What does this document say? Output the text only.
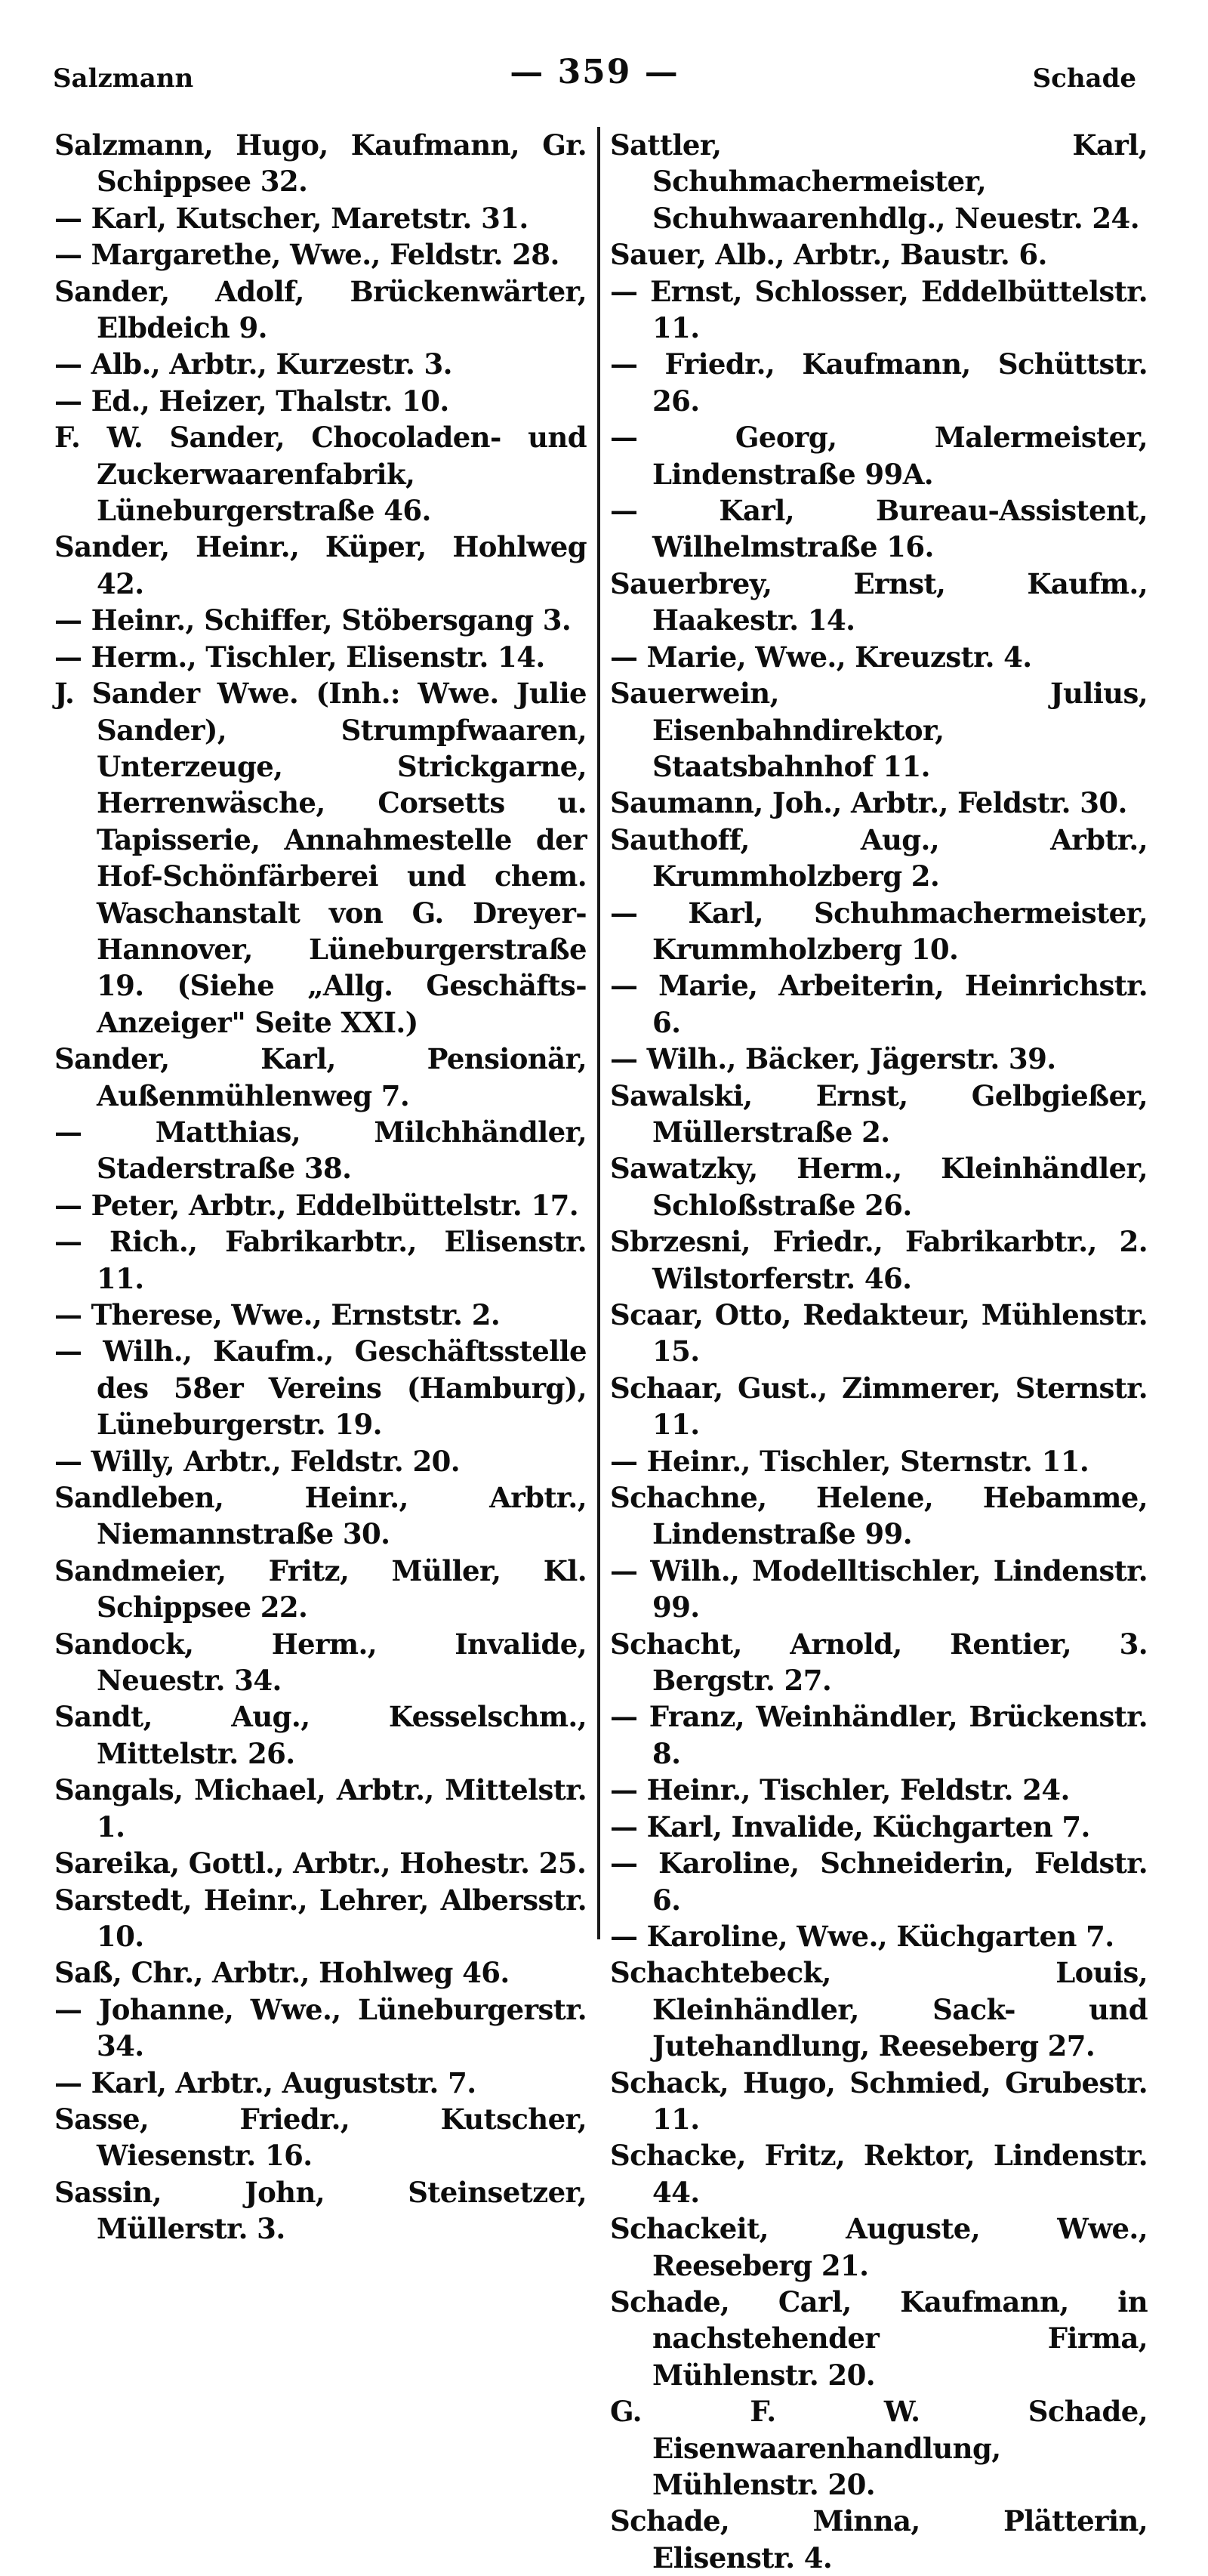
Salzmann	— 359 —	Schade

Salzmann, Hugo, Kaufmann, Gr. Schippsee 32.

— Karl, Kutscher, Maretstr. 31.

— Margarethe, Wwe., Feldstr. 28.

Sander, Adolf, Brückenwärter, Elbdeich 9.

— Alb., Arbtr., Kurzestr. 3.

— Ed., Heizer, Thalstr. 10.

F. W. Sander, Chocoladen- und Zuckerwaarenfabrik, Lüneburgerstraße 46.

Sander, Heinr., Küper, Hohlweg 42.

— Heinr., Schiffer, Stöbersgang 3.

— Herm., Tischler, Elisenstr. 14.

J. Sander Wwe. (Inh.: Wwe. Julie Sander), Strumpfwaaren, Unterzeuge, Strickgarne, Herrenwäsche, Corsetts u. Tapisserie, Annahmestelle der Hof-Schönfärberei und chem. Waschanstalt von G. Dreyer-Hannover, Lüneburgerstraße 19. (Siehe „Allg. Geschäfts-Anzeiger" Seite XXI.)

Sander, Karl, Pensionär, Außenmühlenweg 7.

— Matthias, Milchhändler, Staderstraße 38.

— Peter, Arbtr., Eddelbüttelstr. 17.

— Rich., Fabrikarbtr., Elisenstr. 11.

— Therese, Wwe., Ernststr. 2.

— Wilh., Kaufm., Geschäftsstelle des 58er Vereins (Hamburg), Lüneburgerstr. 19.

— Willy, Arbtr., Feldstr. 20.

Sandleben, Heinr., Arbtr., Niemannstraße 30.

Sandmeier, Fritz, Müller, Kl. Schippsee 22.

Sandock, Herm., Invalide, Neuestr. 34.

Sandt, Aug., Kesselschm., Mittelstr. 26.

Sangals, Michael, Arbtr., Mittelstr. 1.

Sareika, Gottl., Arbtr., Hohestr. 25.

Sarstedt, Heinr., Lehrer, Albersstr. 10.

Saß, Chr., Arbtr., Hohlweg 46.

— Johanne, Wwe., Lüneburgerstr. 34.

— Karl, Arbtr., Auguststr. 7.

Sasse, Friedr., Kutscher, Wiesenstr. 16.

Sassin, John, Steinsetzer, Müllerstr. 3.

Sattler, Karl, Schuhmachermeister, Schuhwaarenhdlg., Neuestr. 24.

Sauer, Alb., Arbtr., Baustr. 6.

— Ernst, Schlosser, Eddelbüttelstr. 11.

— Friedr., Kaufmann, Schüttstr. 26.

— Georg, Malermeister, Lindenstraße 99A.

— Karl, Bureau-Assistent, Wilhelmstraße 16.

Sauerbrey, Ernst, Kaufm., Haakestr. 14.

— Marie, Wwe., Kreuzstr. 4.

Sauerwein, Julius, Eisenbahndirektor, Staatsbahnhof 11.

Saumann, Joh., Arbtr., Feldstr. 30.

Sauthoff, Aug., Arbtr., Krummholzberg 2.

— Karl, Schuhmachermeister, Krummholzberg 10.

— Marie, Arbeiterin, Heinrichstr. 6.

— Wilh., Bäcker, Jägerstr. 39.

Sawalski, Ernst, Gelbgießer, Müllerstraße 2.

Sawatzky, Herm., Kleinhändler, Schloßstraße 26.

Sbrzesni, Friedr., Fabrikarbtr., 2. Wilstorferstr. 46.

Scaar, Otto, Redakteur, Mühlenstr. 15.

Schaar, Gust., Zimmerer, Sternstr. 11.

— Heinr., Tischler, Sternstr. 11.

Schachne, Helene, Hebamme, Lindenstraße 99.

— Wilh., Modelltischler, Lindenstr. 99.

Schacht, Arnold, Rentier, 3. Bergstr. 27.

— Franz, Weinhändler, Brückenstr. 8.

— Heinr., Tischler, Feldstr. 24.

— Karl, Invalide, Küchgarten 7.

— Karoline, Schneiderin, Feldstr. 6.

— Karoline, Wwe., Küchgarten 7.

Schachtebeck, Louis, Kleinhändler, Sack- und Jutehandlung, Reeseberg 27.

Schack, Hugo, Schmied, Grubestr. 11.

Schacke, Fritz, Rektor, Lindenstr. 44.

Schackeit, Auguste, Wwe., Reeseberg 21.

Schade, Carl, Kaufmann, in nachstehender Firma, Mühlenstr. 20.

G. F. W. Schade, Eisenwaarenhandlung, Mühlenstr. 20.

Schade, Minna, Plätterin, Elisenstr. 4.
